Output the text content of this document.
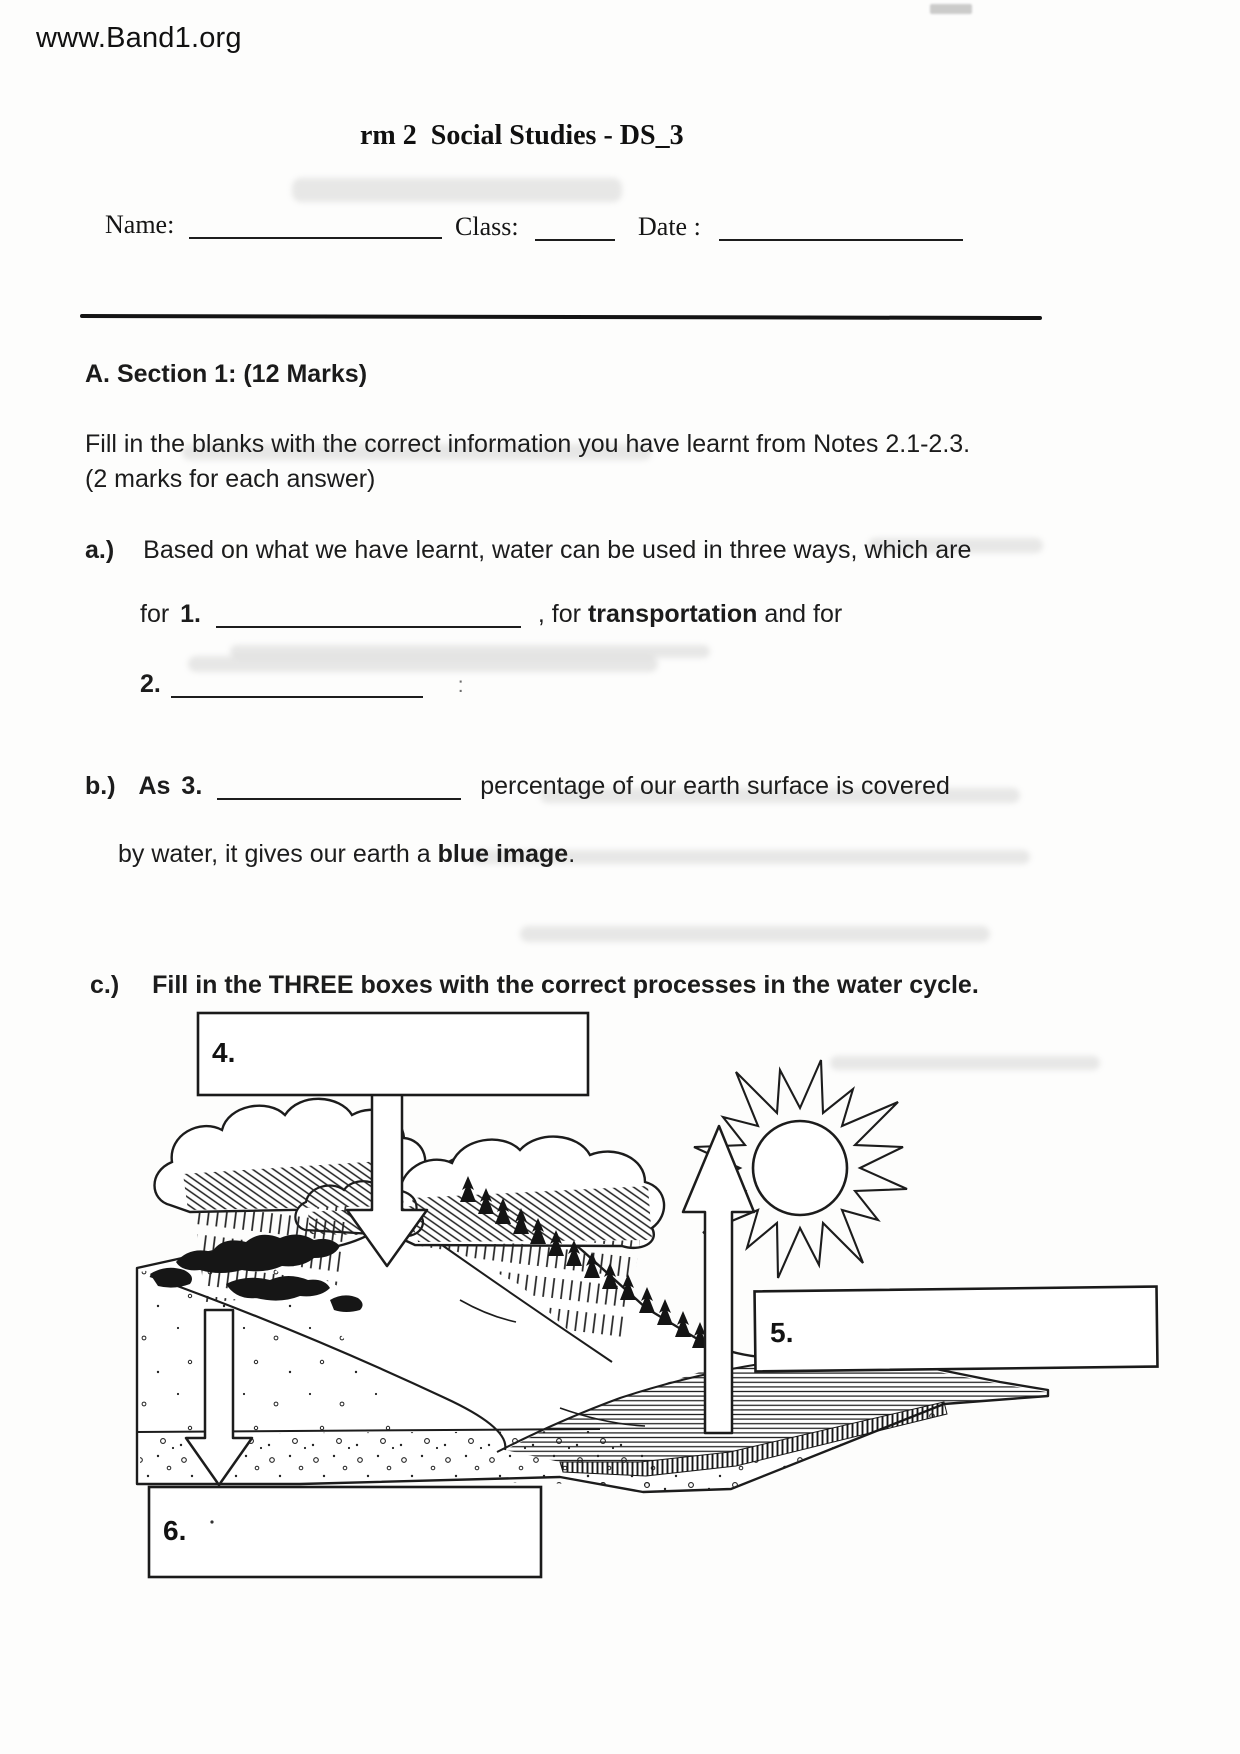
www.Band1.org
rm 2  Social Studies - DS_3
Name:	Class:	Date :
A. Section 1: (12 Marks)
Fill in the blanks with the correct information you have learnt from Notes 2.1-2.3.
(2 marks for each answer)
a.) Based on what we have learnt, water can be used in three ways, which are
for 1.	, for transportation and for
2.	:
b.) As 3.	percentage of our earth surface is covered
by water, it gives our earth a blue image.
c.) Fill in the THREE boxes with the correct processes in the water cycle.
4.
5.
6.
